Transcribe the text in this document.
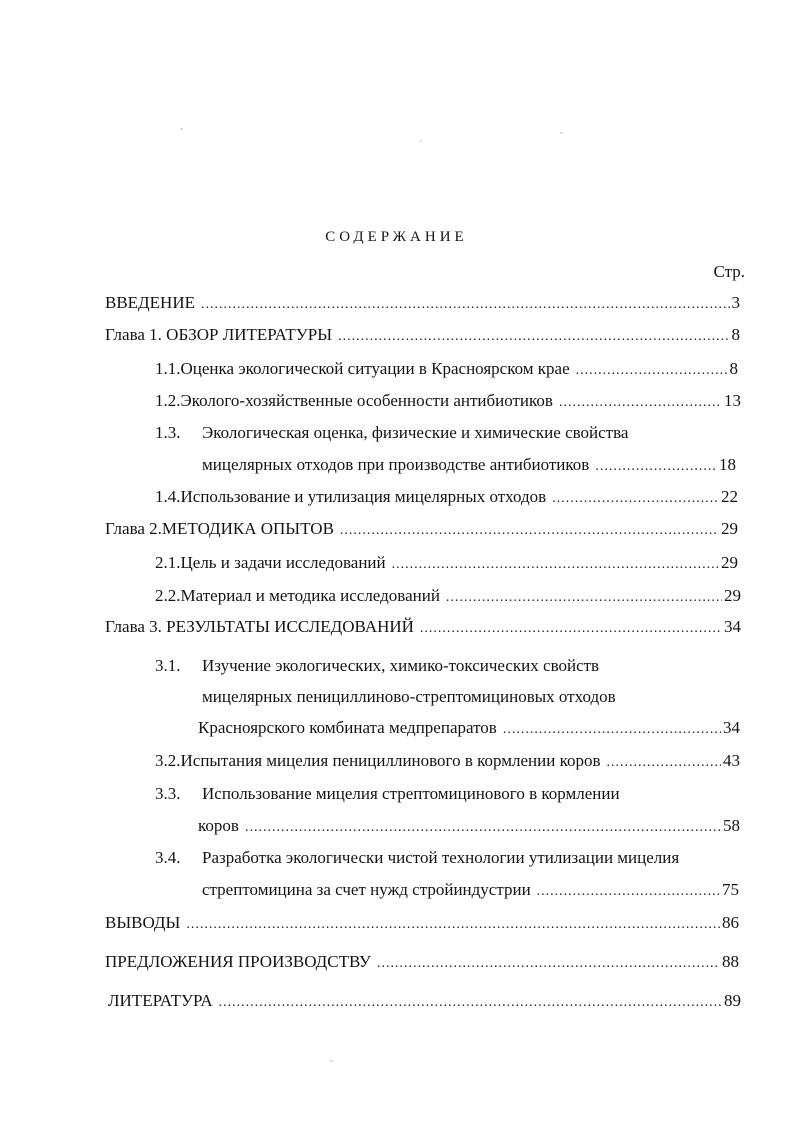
СОДЕРЖАНИЕ
Стр.
ВВЕДЕНИЕ .....	3
Глава 1. ОБЗОР ЛИТЕРАТУРЫ .....	8
1.1. Оценка экологической ситуации в Красноярском крае .....	8
1.2. Эколого-хозяйственные особенности антибиотиков .....	13
1.3. Экологическая оценка, физические и химические свойства
мицелярных отходов при производстве антибиотиков .....	18
1.4. Использование и утилизация мицелярных отходов .....	22
Глава 2.МЕТОДИКА ОПЫТОВ .....	29
2.1. Цель и задачи исследований .....	29
2.2. Материал и методика исследований .....	29
Глава 3. РЕЗУЛЬТАТЫ ИССЛЕДОВАНИЙ .....	34
3.1. Изучение экологических, химико-токсических свойств
мицелярных пенициллиново-стрептомициновых отходов
Красноярского комбината медпрепаратов .....	34
3.2. Испытания мицелия пенициллинового в кормлении коров .....	43
3.3. Использование мицелия стрептомицинового в кормлении
коров .....	58
3.4. Разработка экологически чистой технологии утилизации мицелия
стрептомицина за счет нужд стройиндустрии .....	75
ВЫВОДЫ .....	86
ПРЕДЛОЖЕНИЯ ПРОИЗВОДСТВУ .....	88
ЛИТЕРАТУРА .....	89
